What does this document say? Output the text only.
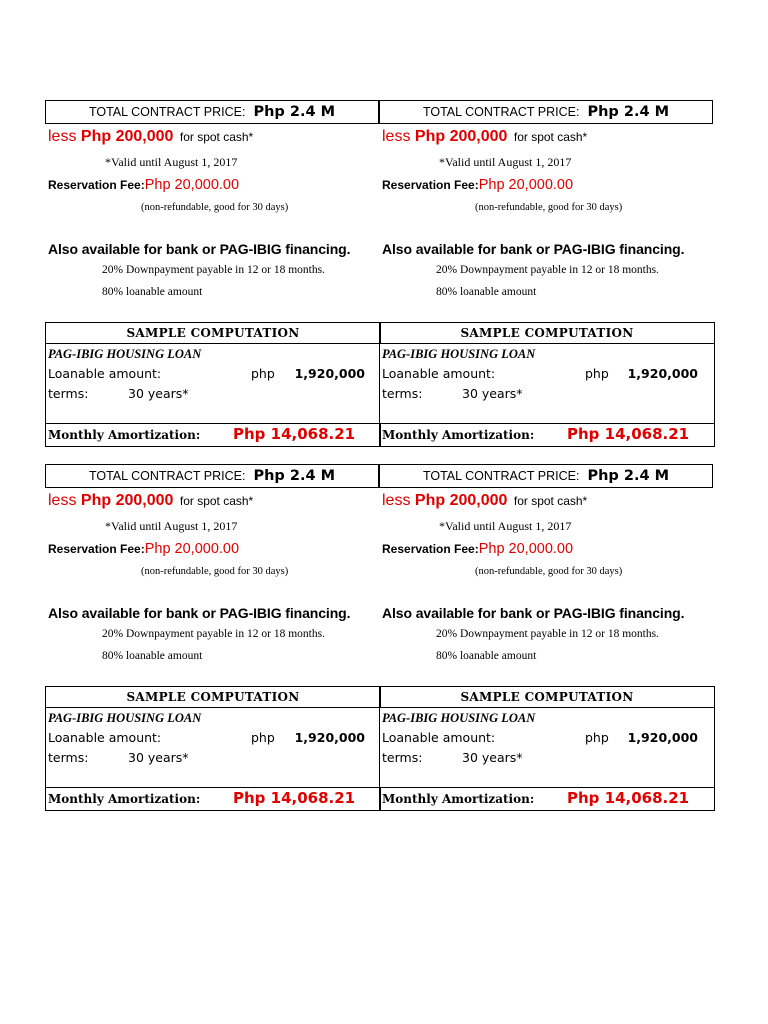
TOTAL CONTRACT PRICE: Php 2.4 M
less Php 200,000 for spot cash*
*Valid until August 1, 2017
Reservation Fee:Php 20,000.00
(non-refundable, good for 30 days)
Also available for bank or PAG-IBIG financing.
20% Downpayment payable in 12 or 18 months.
80% loanable amount
SAMPLE COMPUTATION
PAG-IBIG HOUSING LOAN
Loanable amount:	php 1,920,000
terms:	30 years*
Monthly Amortization: Php 14,068.21
TOTAL CONTRACT PRICE: Php 2.4 M
less Php 200,000 for spot cash*
*Valid until August 1, 2017
Reservation Fee:Php 20,000.00
(non-refundable, good for 30 days)
Also available for bank or PAG-IBIG financing.
20% Downpayment payable in 12 or 18 months.
80% loanable amount
SAMPLE COMPUTATION
PAG-IBIG HOUSING LOAN
Loanable amount:	php 1,920,000
terms:	30 years*
Monthly Amortization: Php 14,068.21
TOTAL CONTRACT PRICE: Php 2.4 M
less Php 200,000 for spot cash*
*Valid until August 1, 2017
Reservation Fee:Php 20,000.00
(non-refundable, good for 30 days)
Also available for bank or PAG-IBIG financing.
20% Downpayment payable in 12 or 18 months.
80% loanable amount
SAMPLE COMPUTATION
PAG-IBIG HOUSING LOAN
Loanable amount:	php 1,920,000
terms:	30 years*
Monthly Amortization: Php 14,068.21
TOTAL CONTRACT PRICE: Php 2.4 M
less Php 200,000 for spot cash*
*Valid until August 1, 2017
Reservation Fee:Php 20,000.00
(non-refundable, good for 30 days)
Also available for bank or PAG-IBIG financing.
20% Downpayment payable in 12 or 18 months.
80% loanable amount
SAMPLE COMPUTATION
PAG-IBIG HOUSING LOAN
Loanable amount:	php 1,920,000
terms:	30 years*
Monthly Amortization: Php 14,068.21
